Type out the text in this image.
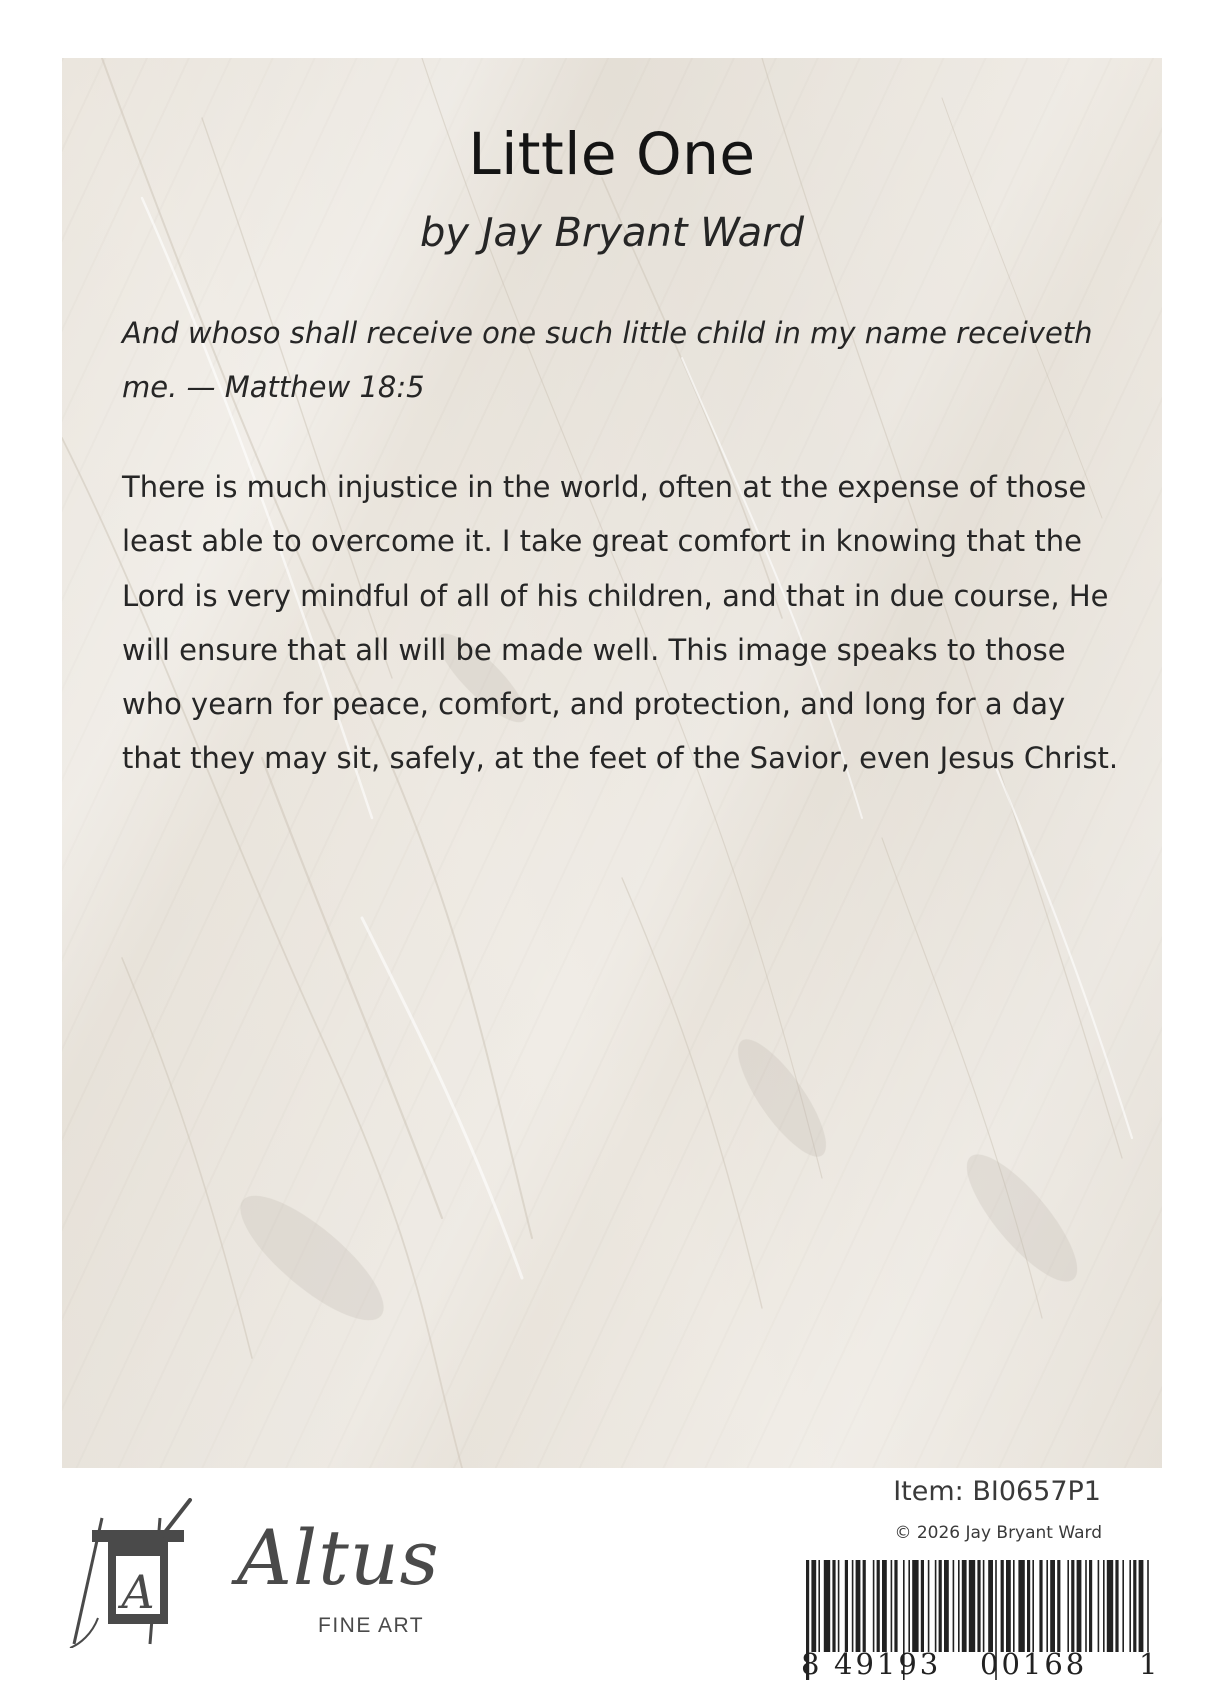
Little One

by Jay Bryant Ward

And whoso shall receive one such little child in my name receiveth me. — Matthew 18:5

There is much injustice in the world, often at the expense of those least able to overcome it. I take great comfort in knowing that the Lord is very mindful of all of his children, and that in due course, He will ensure that all will be made well. This image speaks to those who yearn for peace, comfort, and protection, and long for a day that they may sit, safely, at the feet of the Savior, even Jesus Christ.

A Altus

FINE ART

Item: BI0657P1

© 2026 Jay Bryant Ward

8 49193 00168 1
